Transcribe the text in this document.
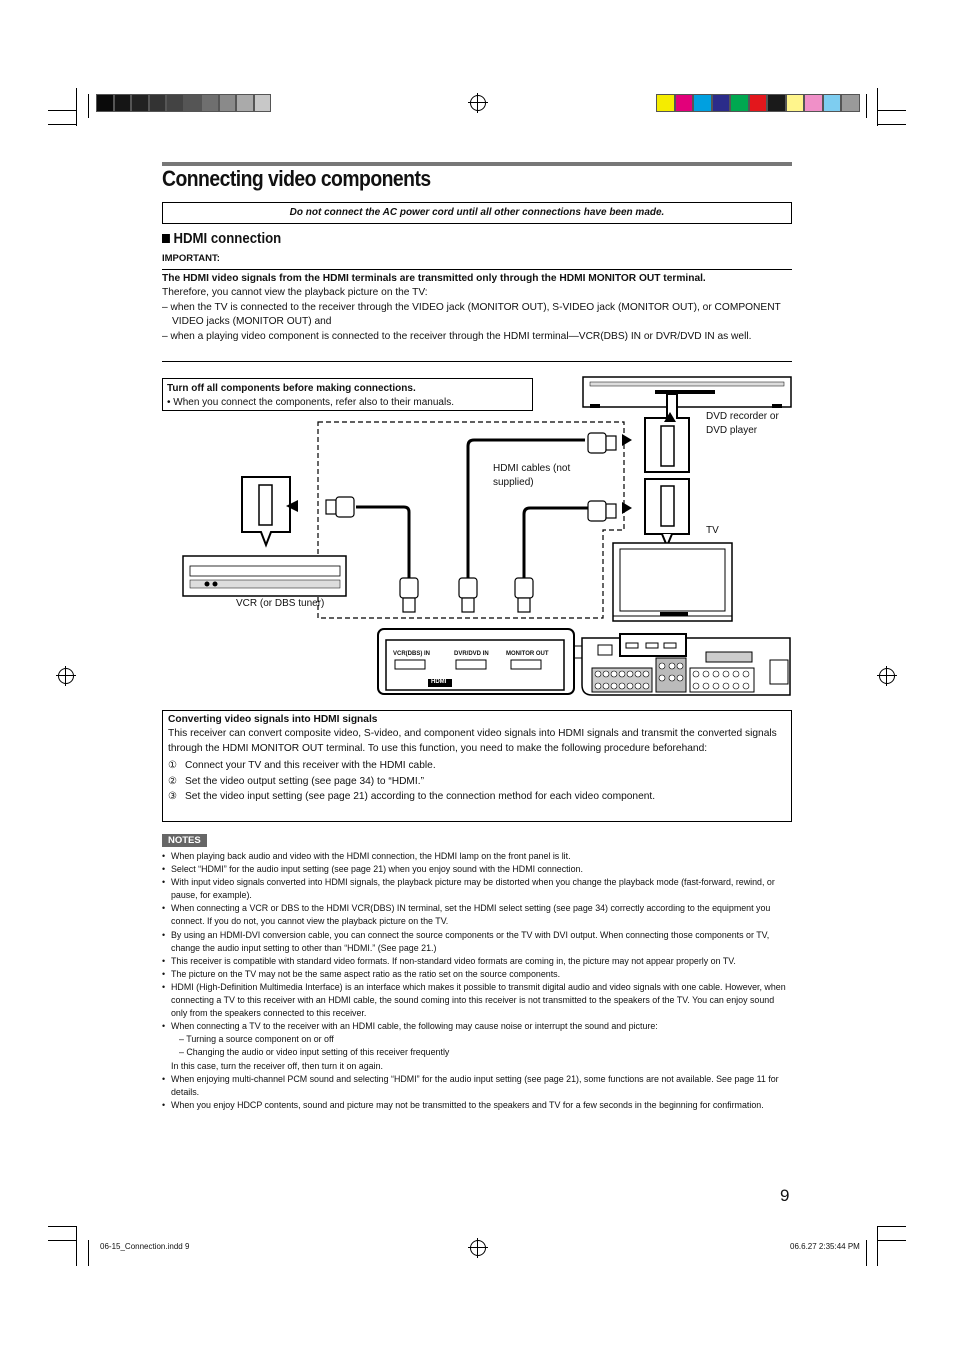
Connecting video components
Do not connect the AC power cord until all other connections have been made.
HDMI connection
IMPORTANT:

The HDMI video signals from the HDMI terminals are transmitted only through the HDMI MONITOR OUT terminal.

Therefore, you cannot view the playback picture on the TV:

– when the TV is connected to the receiver through the VIDEO jack (MONITOR OUT), S-VIDEO jack (MONITOR OUT), or COMPONENT VIDEO jacks (MONITOR OUT) and

– when a playing video component is connected to the receiver through the HDMI terminal—VCR(DBS) IN or DVR/DVD IN as well.

Turn off all components before making connections.
• When you connect the components, refer also to their manuals.
DVD recorder or DVD player
TV
HDMI cables (not supplied)
VCR (or DBS tuner)
VCR(DBS) IN	DVR/DVD IN	MONITOR OUT
HDMI

Converting video signals into HDMI signals

This receiver can convert composite video, S-video, and component video signals into HDMI signals and transmit the converted signals through the HDMI MONITOR OUT terminal. To use this function, you need to make the following procedure beforehand:

① Connect your TV and this receiver with the HDMI cable.
② Set the video output setting (see page 34) to “HDMI.”
③ Set the video input setting (see page 21) according to the connection method for each video component.
NOTES
• When playing back audio and video with the HDMI connection, the HDMI lamp on the front panel is lit.
• Select “HDMI” for the audio input setting (see page 21) when you enjoy sound with the HDMI connection.
• With input video signals converted into HDMI signals, the playback picture may be distorted when you change the playback mode (fast-forward, rewind, or pause, for example).
• When connecting a VCR or DBS to the HDMI VCR(DBS) IN terminal, set the HDMI select setting (see page 34) correctly according to the equipment you connect. If you do not, you cannot view the playback picture on the TV.
• By using an HDMI-DVI conversion cable, you can connect the source components or the TV with DVI output. When connecting those components or TV, change the audio input setting to other than “HDMI.” (See page 21.)
• This receiver is compatible with standard video formats. If non-standard video formats are coming in, the picture may not appear properly on TV.
• The picture on the TV may not be the same aspect ratio as the ratio set on the source components.
• HDMI (High-Definition Multimedia Interface) is an interface which makes it possible to transmit digital audio and video signals with one cable. However, when connecting a TV to this receiver with an HDMI cable, the sound coming into this receiver is not transmitted to the speakers of the TV. You can enjoy sound only from the speakers connected to this receiver.
• When connecting a TV to the receiver with an HDMI cable, the following may cause noise or interrupt the sound and picture:
– Turning a source component on or off
– Changing the audio or video input setting of this receiver frequently
In this case, turn the receiver off, then turn it on again.
• When enjoying multi-channel PCM sound and selecting “HDMI” for the audio input setting (see page 21), some functions are not available. See page 11 for details.
• When you enjoy HDCP contents, sound and picture may not be transmitted to the speakers and TV for a few seconds in the beginning for confirmation.
9
06-15_Connection.indd 9	06.6.27 2:35:44 PM
